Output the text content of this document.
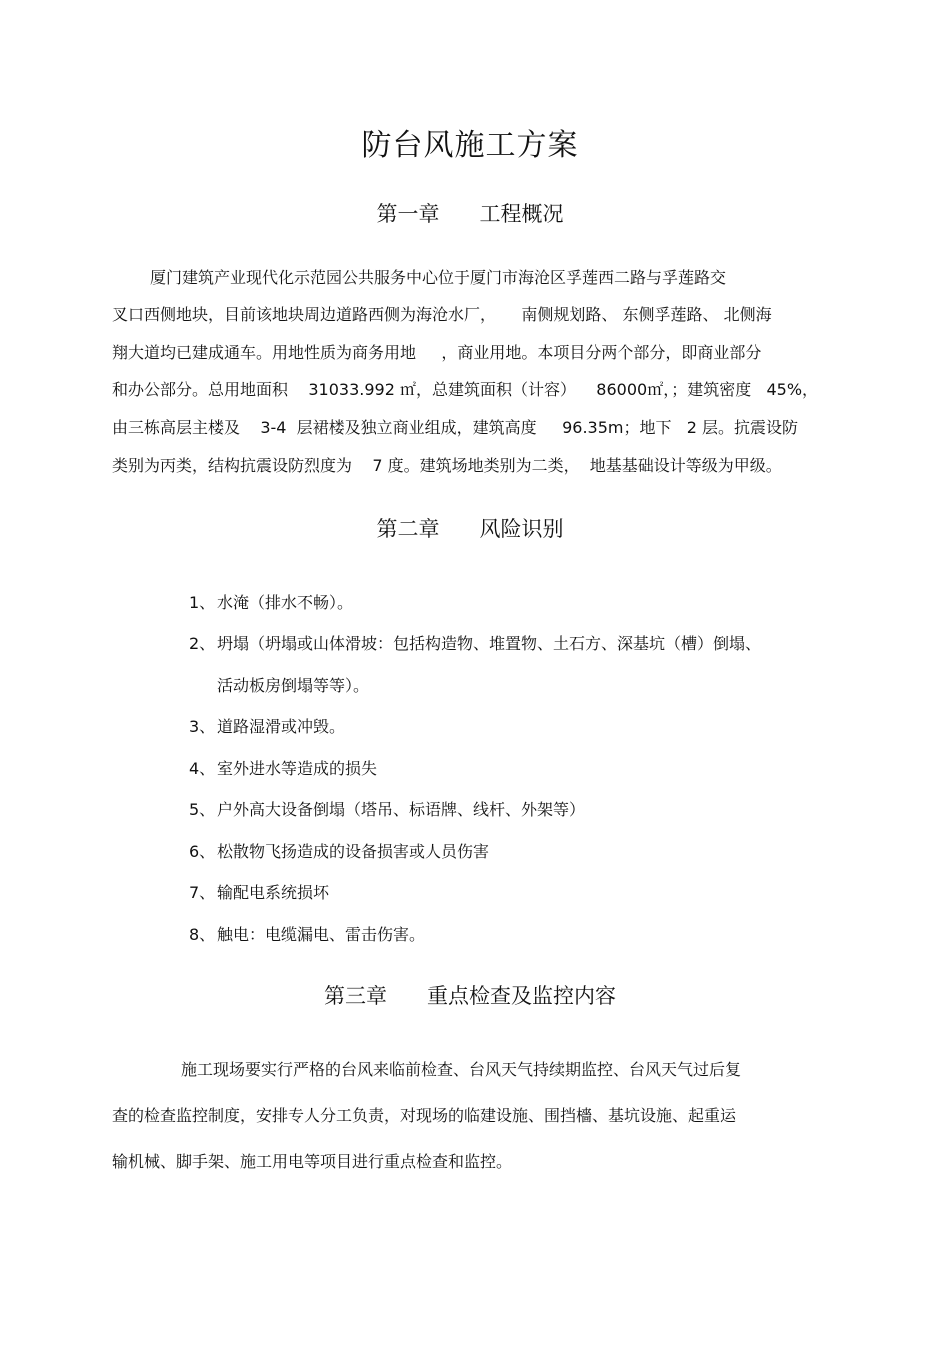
防台风施工方案
第一章 工程概况
厦门建筑产业现代化示范园公共服务中心位于厦门市海沧区孚莲西二路与孚莲路交
叉口西侧地块，目前该地块周边道路西侧为海沧水厂，     南侧规划路、 东侧孚莲路、 北侧海
翔大道均已建成通车。用地性质为商务用地     ，商业用地。本项目分两个部分，即商业部分
和办公部分。总用地面积    31033.992 ㎡，总建筑面积（计容）    86000㎡，；建筑密度   45%，
由三栋高层主楼及    3-4  层裙楼及独立商业组成，建筑高度     96.35m；地下   2 层。抗震设防
类别为丙类，结构抗震设防烈度为    7 度。建筑场地类别为二类，  地基基础设计等级为甲级。
第二章 风险识别
1、 水淹（排水不畅）。
2、 坍塌（坍塌或山体滑坡：包括构造物、堆置物、土石方、深基坑（槽）倒塌、
活动板房倒塌等等）。
3、 道路湿滑或冲毁。
4、 室外进水等造成的损失
5、 户外高大设备倒塌（塔吊、标语牌、线杆、外架等）
6、 松散物飞扬造成的设备损害或人员伤害
7、 输配电系统损坏
8、 触电：电缆漏电、雷击伤害。
第三章 重点检查及监控内容
施工现场要实行严格的台风来临前检查、台风天气持续期监控、台风天气过后复
查的检查监控制度，安排专人分工负责，对现场的临建设施、围挡檣、基坑设施、起重运
输机械、脚手架、施工用电等项目进行重点检查和监控。
